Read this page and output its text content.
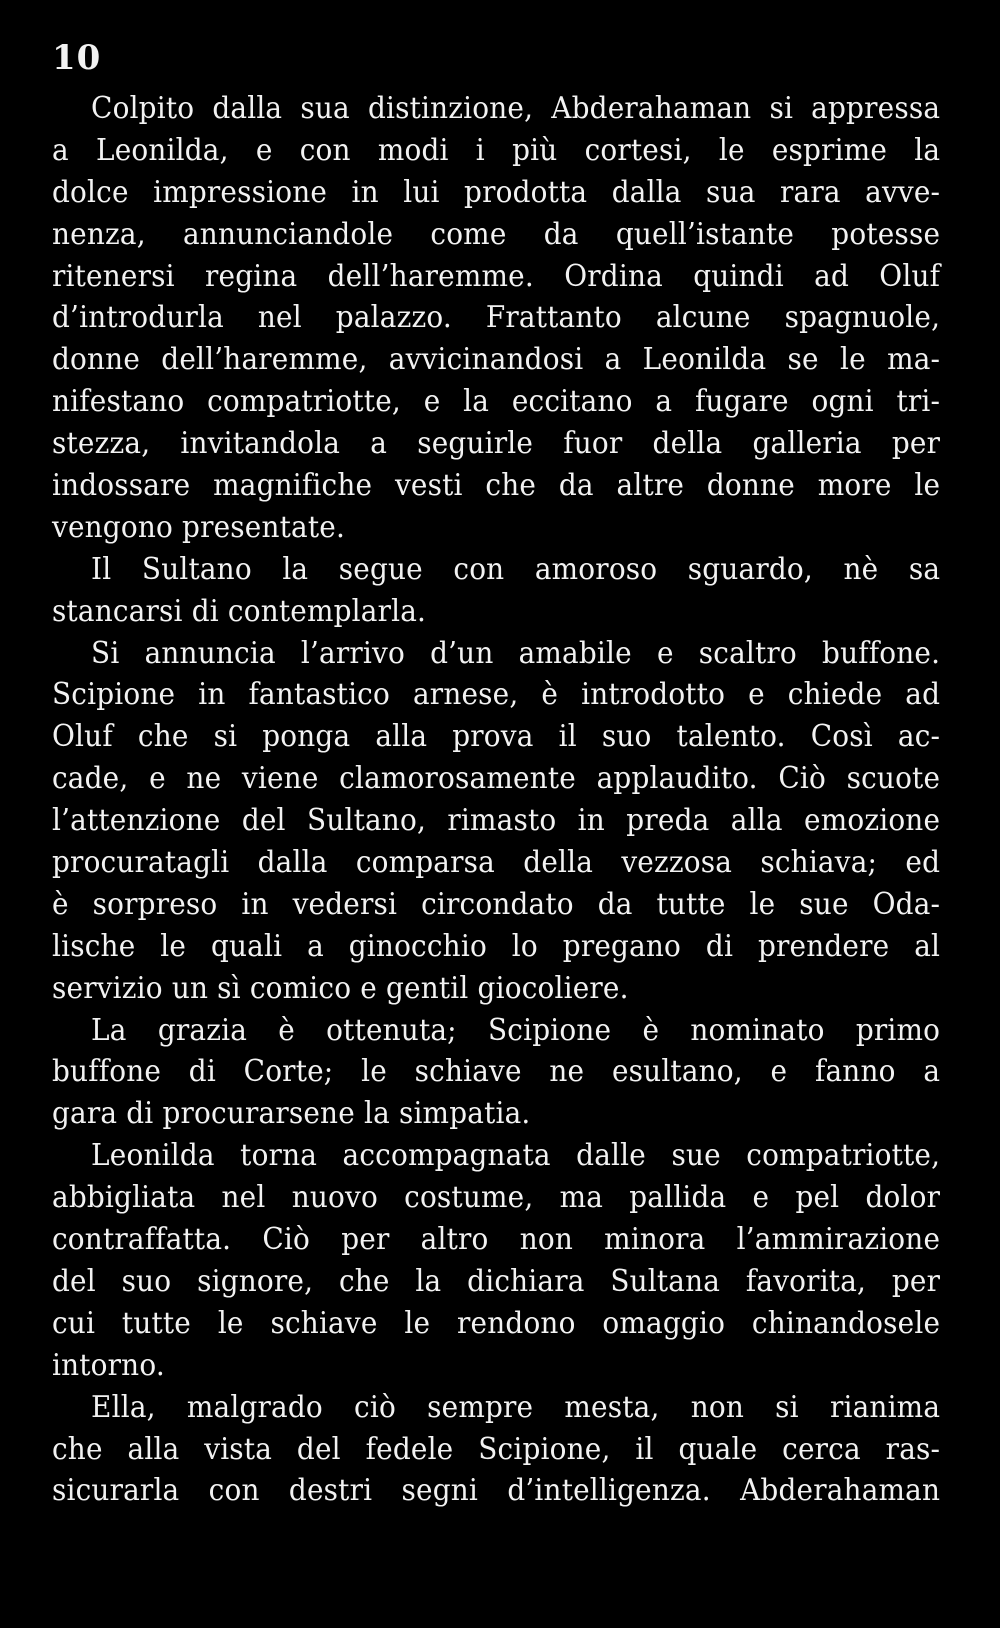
10
Colpito dalla sua distinzione, Abderahaman si appressa
a Leonilda, e con modi i più cortesi, le esprime la
dolce impressione in lui prodotta dalla sua rara avve-
nenza, annunciandole come da quell’istante potesse
ritenersi regina dell’haremme. Ordina quindi ad Oluf
d’introdurla nel palazzo. Frattanto alcune spagnuole,
donne dell’haremme, avvicinandosi a Leonilda se le ma-
nifestano compatriotte, e la eccitano a fugare ogni tri-
stezza, invitandola a seguirle fuor della galleria per
indossare magnifiche vesti che da altre donne more le
vengono presentate.
Il Sultano la segue con amoroso sguardo, nè sa
stancarsi di contemplarla.
Si annuncia l’arrivo d’un amabile e scaltro buffone.
Scipione in fantastico arnese, è introdotto e chiede ad
Oluf che si ponga alla prova il suo talento. Così ac-
cade, e ne viene clamorosamente applaudito. Ciò scuote
l’attenzione del Sultano, rimasto in preda alla emozione
procuratagli dalla comparsa della vezzosa schiava; ed
è sorpreso in vedersi circondato da tutte le sue Oda-
lische le quali a ginocchio lo pregano di prendere al
servizio un sì comico e gentil giocoliere.
La grazia è ottenuta; Scipione è nominato primo
buffone di Corte; le schiave ne esultano, e fanno a
gara di procurarsene la simpatia.
Leonilda torna accompagnata dalle sue compatriotte,
abbigliata nel nuovo costume, ma pallida e pel dolor
contraffatta. Ciò per altro non minora l’ammirazione
del suo signore, che la dichiara Sultana favorita, per
cui tutte le schiave le rendono omaggio chinandosele
intorno.
Ella, malgrado ciò sempre mesta, non si rianima
che alla vista del fedele Scipione, il quale cerca ras-
sicurarla con destri segni d’intelligenza. Abderahaman
